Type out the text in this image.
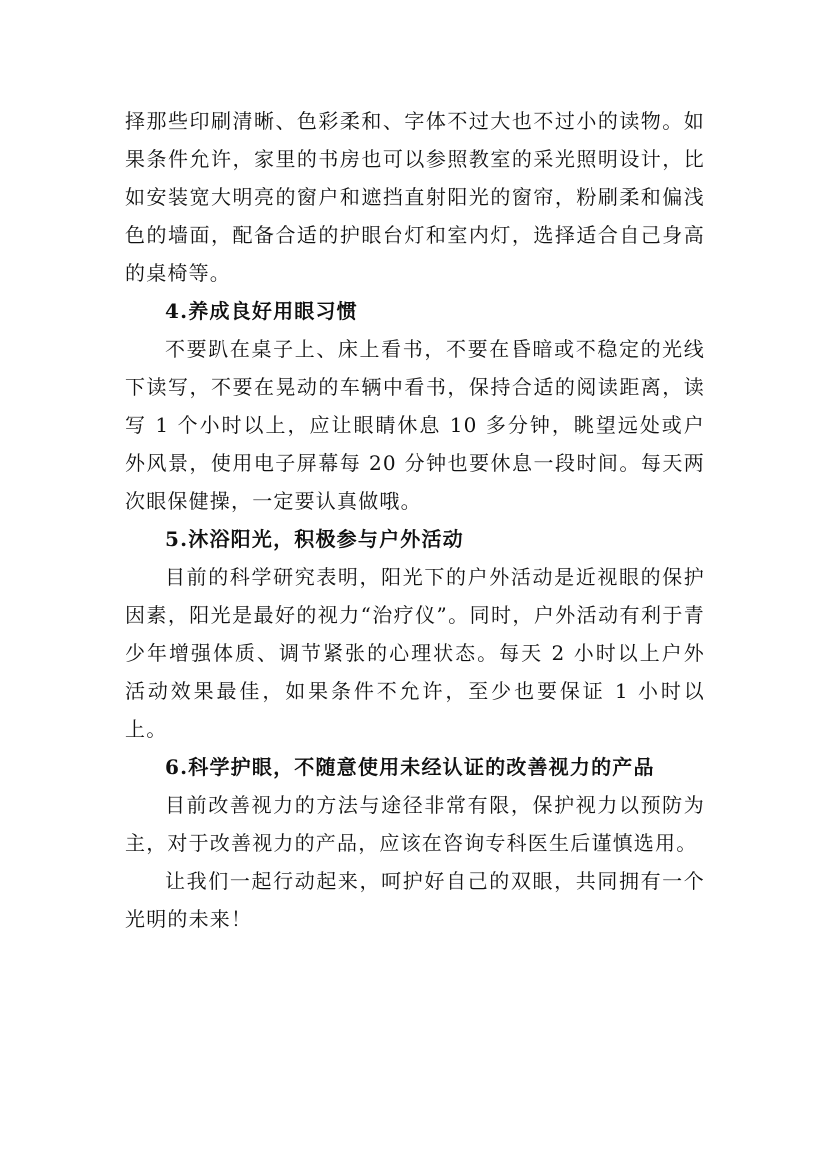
择那些印刷清晰、色彩柔和、字体不过大也不过小的读物。如果条件允许，家里的书房也可以参照教室的采光照明设计，比如安装宽大明亮的窗户和遮挡直射阳光的窗帘，粉刷柔和偏浅色的墙面，配备合适的护眼台灯和室内灯，选择适合自己身高的桌椅等。

4.养成良好用眼习惯

不要趴在桌子上、床上看书，不要在昏暗或不稳定的光线下读写，不要在晃动的车辆中看书，保持合适的阅读距离，读写 1 个小时以上，应让眼睛休息 10 多分钟，眺望远处或户外风景，使用电子屏幕每 20 分钟也要休息一段时间。每天两次眼保健操，一定要认真做哦。

5.沐浴阳光，积极参与户外活动

目前的科学研究表明，阳光下的户外活动是近视眼的保护因素，阳光是最好的视力“治疗仪”。同时，户外活动有利于青少年增强体质、调节紧张的心理状态。每天 2 小时以上户外活动效果最佳，如果条件不允许，至少也要保证 1 小时以上。

6.科学护眼，不随意使用未经认证的改善视力的产品

目前改善视力的方法与途径非常有限，保护视力以预防为主，对于改善视力的产品，应该在咨询专科医生后谨慎选用。

让我们一起行动起来，呵护好自己的双眼，共同拥有一个光明的未来！
